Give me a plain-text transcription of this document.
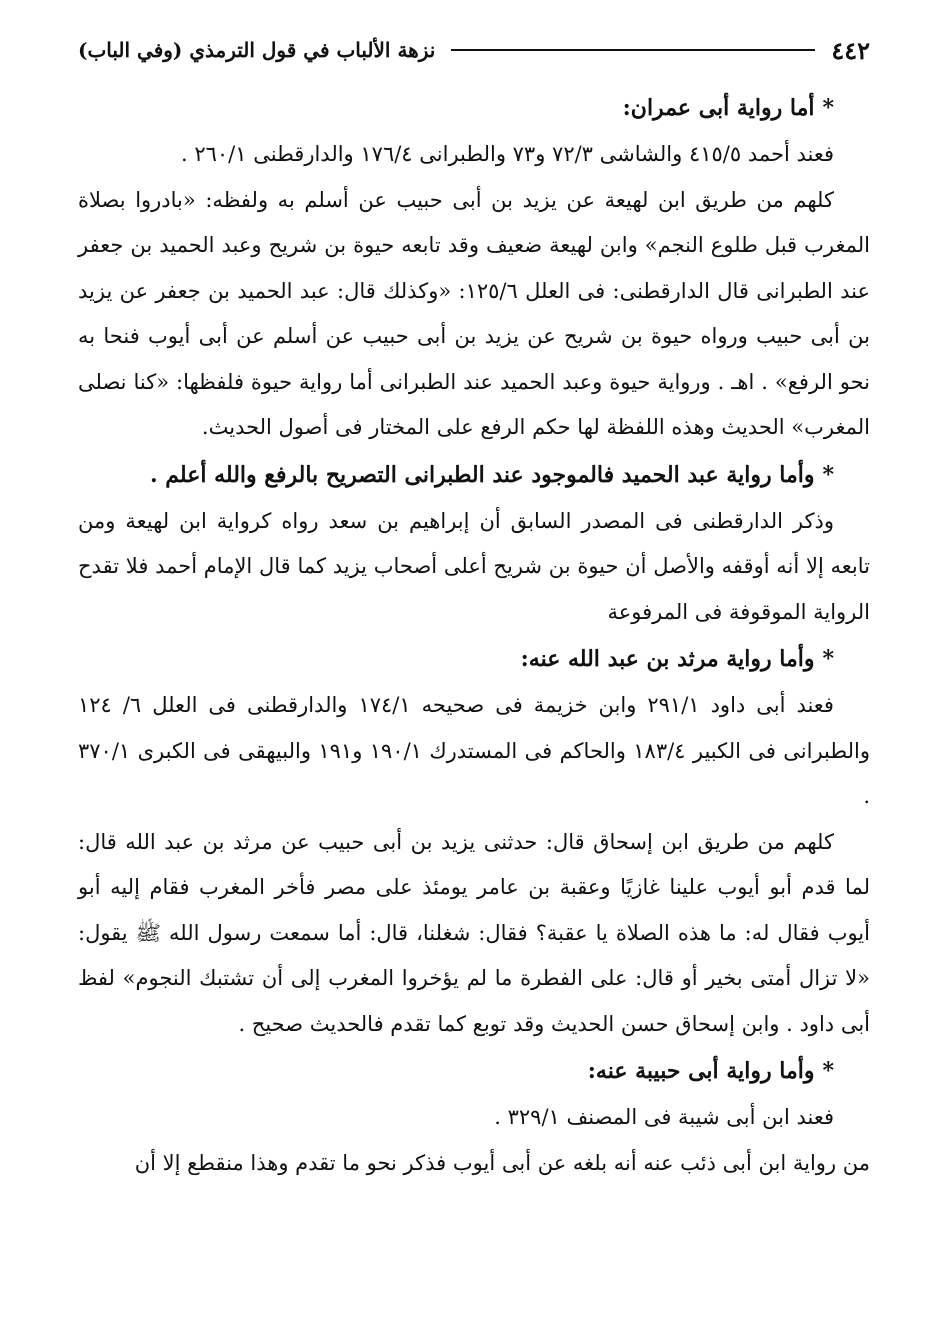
٤٤٢
نزهة الألباب في قول الترمذي (وفي الباب)

*أما رواية أبى عمران:

فعند أحمد ٤١٥/٥ والشاشى ٧٢/٣ و٧٣ والطبرانى ١٧٦/٤ والدارقطنى ٢٦٠/١ .

كلهم من طريق ابن لهيعة عن يزيد بن أبى حبيب عن أسلم به ولفظه: «بادروا بصلاة المغرب قبل طلوع النجم» وابن لهيعة ضعيف وقد تابعه حيوة بن شريح وعبد الحميد بن جعفر عند الطبرانى قال الدارقطنى: فى العلل ١٢٥/٦: «وكذلك قال: عبد الحميد بن جعفر عن يزيد بن أبى حبيب ورواه حيوة بن شريح عن يزيد بن أبى حبيب عن أسلم عن أبى أيوب فنحا به نحو الرفع» . اهـ . ورواية حيوة وعبد الحميد عند الطبرانى أما رواية حيوة فلفظها: «كنا نصلى المغرب» الحديث وهذه اللفظة لها حكم الرفع على المختار فى أصول الحديث.

*وأما رواية عبد الحميد فالموجود عند الطبرانى التصريح بالرفع والله أعلم .

وذكر الدارقطنى فى المصدر السابق أن إبراهيم بن سعد رواه كرواية ابن لهيعة ومن تابعه إلا أنه أوقفه والأصل أن حيوة بن شريح أعلى أصحاب يزيد كما قال الإمام أحمد فلا تقدح الرواية الموقوفة فى المرفوعة

*وأما رواية مرثد بن عبد الله عنه:

فعند أبى داود ٢٩١/١ وابن خزيمة فى صحيحه ١٧٤/١ والدارقطنى فى العلل ٦/ ١٢٤ والطبرانى فى الكبير ١٨٣/٤ والحاكم فى المستدرك ١٩٠/١ و١٩١ والبيهقى فى الكبرى ٣٧٠/١ .

كلهم من طريق ابن إسحاق قال: حدثنى يزيد بن أبى حبيب عن مرثد بن عبد الله قال: لما قدم أبو أيوب علينا غازيًا وعقبة بن عامر يومئذ على مصر فأخر المغرب فقام إليه أبو أيوب فقال له: ما هذه الصلاة يا عقبة؟ فقال: شغلنا، قال: أما سمعت رسول الله ﷺ يقول: «لا تزال أمتى بخير أو قال: على الفطرة ما لم يؤخروا المغرب إلى أن تشتبك النجوم» لفظ أبى داود . وابن إسحاق حسن الحديث وقد توبع كما تقدم فالحديث صحيح .

*وأما رواية أبى حبيبة عنه:

فعند ابن أبى شيبة فى المصنف ٣٢٩/١ .

من رواية ابن أبى ذئب عنه أنه بلغه عن أبى أيوب فذكر نحو ما تقدم وهذا منقطع إلا أن
